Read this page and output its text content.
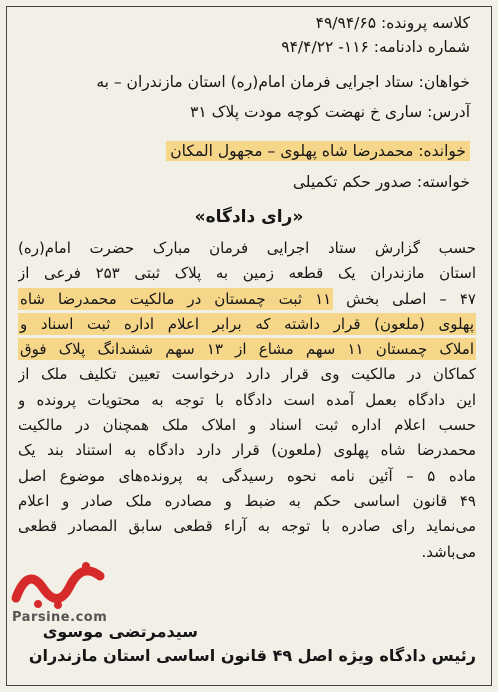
کلاسه پرونده: ۴۹/۹۴/۶۵
شماره دادنامه: ۱۱۶- ۹۴/۴/۲۲
خواهان: ستاد اجرایی فرمان امام(ره) استان مازندران – به
آدرس: ساری خ نهضت کوچه مودت پلاک ۳۱
خوانده: محمدرضا شاه پهلوی – مجهول المکان
خواسته: صدور حکم تکمیلی
«رای دادگاه»
حسب گزارش ستاد اجرایی فرمان مبارک حضرت امام(ره)
استان مازندران یک قطعه زمین به پلاک ثبتی ۲۵۳ فرعی از
۴۷ – اصلی بخش ۱۱ ثبت چمستان در مالکیت محمدرضا شاه
پهلوی (ملعون) قرار داشته که برابر اعلام اداره ثبت اسناد و
املاک چمستان ۱۱ سهم مشاع از ۱۳ سهم ششدانگ پلاک فوق
کماکان در مالکیت وی قرار دارد درخواست تعیین تکلیف ملک از
این دادگاه بعمل آمده است دادگاه با توجه به محتویات پرونده و
حسب اعلام اداره ثبت اسناد و املاک ملک همچنان در مالکیت
محمدرضا شاه پهلوی (ملعون) قرار دارد دادگاه به استناد بند یک
ماده ۵ – آئین نامه نحوه رسیدگی به پرونده‌های موضوع اصل
۴۹ قانون اساسی حکم به ضبط و مصادره ملک صادر و اعلام
می‌نماید رای صادره با توجه به آراء قطعی سابق المصادر قطعی
می‌باشد.
سیدمرتضی موسوی
رئیس دادگاه ویژه اصل ۴۹ قانون اساسی استان مازندران
Parsine.com
